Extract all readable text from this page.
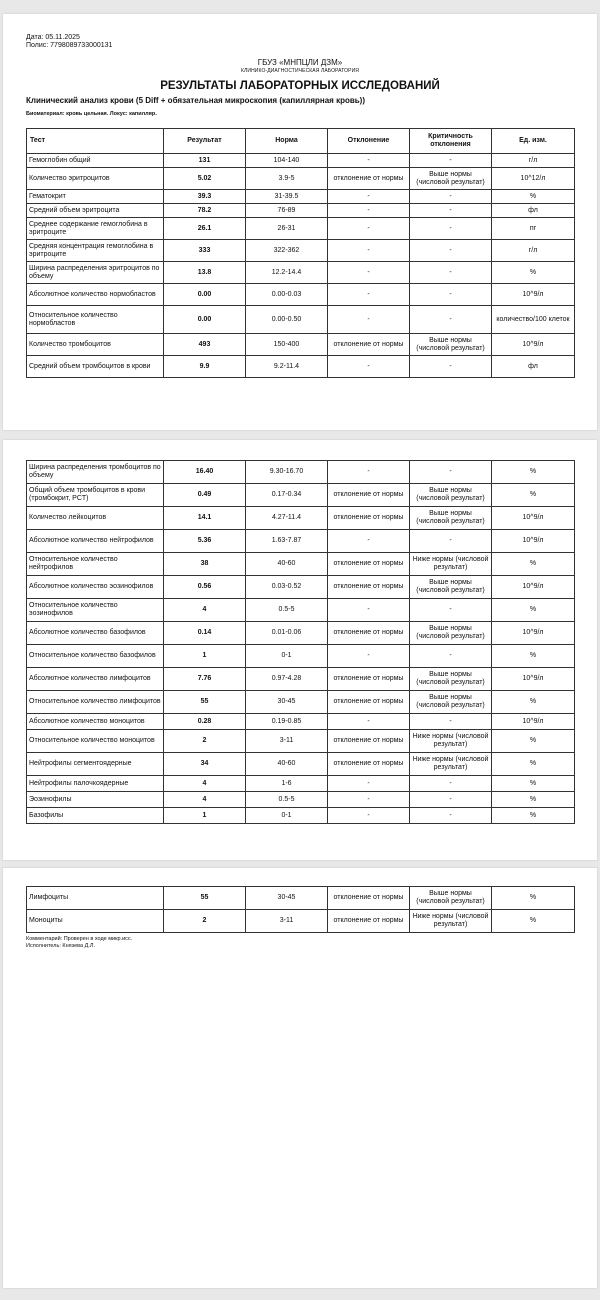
Дата: 05.11.2025
Полис: 7798089733000131
ГБУЗ «МНПЦЛИ ДЗМ»
КЛИНИКО-ДИАГНОСТИЧЕСКАЯ ЛАБОРАТОРИЯ
РЕЗУЛЬТАТЫ ЛАБОРАТОРНЫХ ИССЛЕДОВАНИЙ
Клинический анализ крови (5 Diff + обязательная микроскопия (капиллярная кровь))
Биоматериал: кровь цельная. Локус: капилляр.
Тест	Результат	Норма	Отклонение	Критичность отклонения	Ед. изм.
Гемоглобин общий	131	104-140	-	-	г/л
Количество эритроцитов	5.02	3.9-5	отклонение от нормы	Выше нормы (числовой результат)	10^12/л
Гематокрит	39.3	31-39.5	-	-	%
Средний объем эритроцита	78.2	76-89	-	-	фл
Среднее содержание гемоглобина в эритроците	26.1	26-31	-	-	пг
Средняя концентрация гемоглобина в эритроците	333	322-362	-	-	г/л
Ширина распределения эритроцитов по объему	13.8	12.2-14.4	-	-	%
Абсолютное количество нормобластов	0.00	0.00-0.03	-	-	10^9/л
Относительное количество нормобластов	0.00	0.00-0.50	-	-	количество/100 клеток
Количество тромбоцитов	493	150-400	отклонение от нормы	Выше нормы (числовой результат)	10^9/л
Средний объем тромбоцитов в крови	9.9	9.2-11.4	-	-	фл
Ширина распределения тромбоцитов по объему	16.40	9.30-16.70	-	-	%
Общий объем тромбоцитов в крови (тромбокрит, PCT)	0.49	0.17-0.34	отклонение от нормы	Выше нормы (числовой результат)	%
Количество лейкоцитов	14.1	4.27-11.4	отклонение от нормы	Выше нормы (числовой результат)	10^9/л
Абсолютное количество нейтрофилов	5.36	1.63-7.87	-	-	10^9/л
Относительное количество нейтрофилов	38	40-60	отклонение от нормы	Ниже нормы (числовой результат)	%
Абсолютное количество эозинофилов	0.56	0.03-0.52	отклонение от нормы	Выше нормы (числовой результат)	10^9/л
Относительное количество эозинофилов	4	0.5-5	-	-	%
Абсолютное количество базофилов	0.14	0.01-0.06	отклонение от нормы	Выше нормы (числовой результат)	10^9/л
Относительное количество базофилов	1	0-1	-	-	%
Абсолютное количество лимфоцитов	7.76	0.97-4.28	отклонение от нормы	Выше нормы (числовой результат)	10^9/л
Относительное количество лимфоцитов	55	30-45	отклонение от нормы	Выше нормы (числовой результат)	%
Абсолютное количество моноцитов	0.28	0.19-0.85	-	-	10^9/л
Относительное количество моноцитов	2	3-11	отклонение от нормы	Ниже нормы (числовой результат)	%
Нейтрофилы сегментоядерные	34	40-60	отклонение от нормы	Ниже нормы (числовой результат)	%
Нейтрофилы палочкоядерные	4	1-6	-	-	%
Эозинофилы	4	0.5-5	-	-	%
Базофилы	1	0-1	-	-	%
Лимфоциты	55	30-45	отклонение от нормы	Выше нормы (числовой результат)	%
Моноциты	2	3-11	отклонение от нормы	Ниже нормы (числовой результат)	%
Комментарий: Проверен в ходе микр.исс.
Исполнитель: Князева Д.Л.
